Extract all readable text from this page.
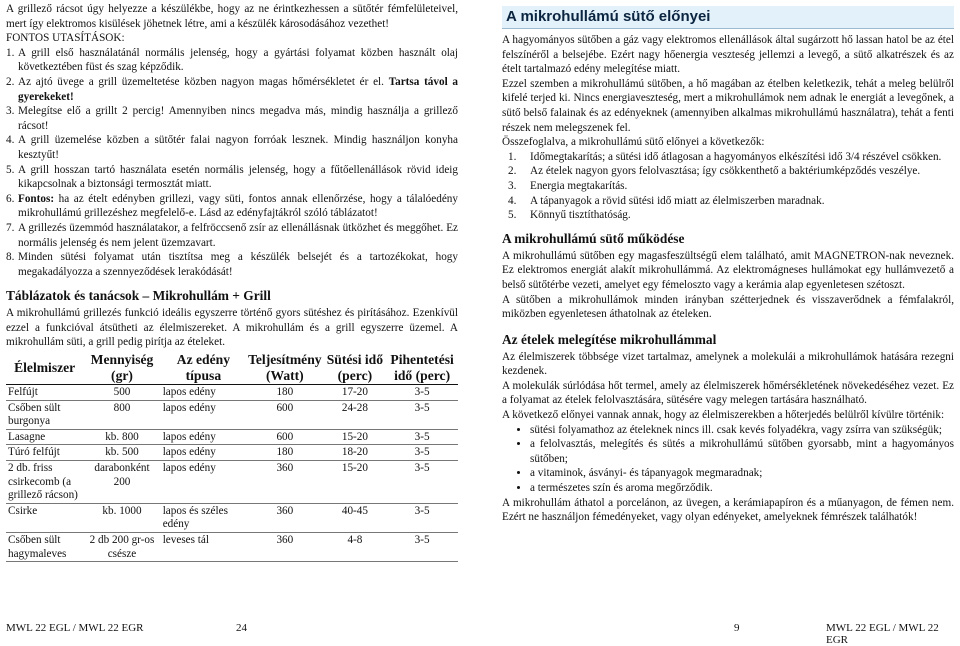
A grillező rácsot úgy helyezze a készülékbe, hogy az ne érintkezhessen a sütőtér fémfelületeivel, mert így elektromos kisülések jöhetnek létre, ami a készülék károsodásához vezethet!

FONTOS UTASÍTÁSOK:

1. A grill első használatánál normális jelenség, hogy a gyártási folyamat közben használt olaj következtében füst és szag képződik.
2. Az ajtó üvege a grill üzemeltetése közben nagyon magas hőmérsékletet ér el. Tartsa távol a gyerekeket!
3. Melegítse elő a grillt 2 percig! Amennyiben nincs megadva más, mindig használja a grillező rácsot!
4. A grill üzemelése közben a sütőtér falai nagyon forróak lesznek. Mindig használjon konyha kesztyűt!
5. A grill hosszan tartó használata esetén normális jelenség, hogy a fűtőellenállások rövid ideig kikapcsolnak a biztonsági termosztát miatt.
6. Fontos: ha az ételt edényben grillezi, vagy süti, fontos annak ellenőrzése, hogy a tálalóedény mikrohullámú grillezéshez megfelelő-e. Lásd az edényfajtákról szóló táblázatot!
7. A grillezés üzemmód használatakor, a felfröccsenő zsír az ellenállásnak ütközhet és meggőhet. Ez normális jelenség és nem jelent üzemzavart.
8. Minden sütési folyamat után tisztítsa meg a készülék belsejét és a tartozékokat, hogy megakadályozza a szennyeződések lerakódását!
Táblázatok és tanácsok – Mikrohullám + Grill

A mikrohullámú grillezés funkció ideális egyszerre történő gyors sütéshez és pirításához. Ezenkívül ezzel a funkcióval átsütheti az élelmiszereket. A mikrohullám és a grill egyszerre üzemel. A mikrohullám süti, a grill pedig pirítja az ételeket.

Élelmiszer	Mennyiség (gr)	Az edény típusa	Teljesítmény (Watt)	Sütési idő (perc)	Pihentetési idő (perc)
Felfújt	500	lapos edény	180	17-20	3-5
Csőben sült burgonya	800	lapos edény	600	24-28	3-5
Lasagne	kb. 800	lapos edény	600	15-20	3-5
Túró felfújt	kb. 500	lapos edény	180	18-20	3-5
2 db. friss csirkecomb (a grillező rácson)	darabonként 200	lapos edény	360	15-20	3-5
Csirke	kb. 1000	lapos és széles edény	360	40-45	3-5
Csőben sült hagymaleves	2 db 200 gr-os csésze	leveses tál	360	4-8	3-5
A mikrohullámú sütő előnyei

A hagyományos sütőben a gáz vagy elektromos ellenállások által sugárzott hő lassan hatol be az étel felszínéről a belsejébe. Ezért nagy hőenergia veszteség jellemzi a levegő, a sütő alkatrészek és az ételt tartalmazó edény melegítése miatt.

Ezzel szemben a mikrohullámú sütőben, a hő magában az ételben keletkezik, tehát a meleg belülről kifelé terjed ki. Nincs energiaveszteség, mert a mikrohullámok nem adnak le energiát a levegőnek, a sütő belső falainak és az edényeknek (amennyiben alkalmas mikrohullámú használatra), tehát a fenti részek nem melegszenek fel.

Összefoglalva, a mikrohullámú sütő előnyei a következők:

1.	Időmegtakarítás; a sütési idő átlagosan a hagyományos elkészítési idő 3/4 részével csökken.
2.	Az ételek nagyon gyors felolvasztása; így csökkenthető a baktériumképződés veszélye.
3.	Energia megtakarítás.
4.	A tápanyagok a rövid sütési idő miatt az élelmiszerben maradnak.
5.	Könnyű tisztíthatóság.
A mikrohullámú sütő működése

A mikrohullámú sütőben egy magasfeszültségű elem található, amit MAGNETRON-nak neveznek. Ez elektromos energiát alakít mikrohullámmá. Az elektromágneses hullámokat egy hullámvezető a belső sütőtérbe vezeti, amelyet egy fémeloszto vagy a kerámia alap egyenletesen szétoszt.

A sütőben a mikrohullámok minden irányban szétterjednek és visszaverődnek a fémfalakról, miközben egyenletesen áthatolnak az ételeken.

Az ételek melegítése mikrohullámmal

Az élelmiszerek többsége vizet tartalmaz, amelynek a molekulái a mikrohullámok hatására rezegni kezdenek.

A molekulák súrlódása hőt termel, amely az élelmiszerek hőmérsékletének növekedéséhez vezet. Ez a folyamat az ételek felolvasztására, sütésére vagy melegen tartására használható.

A következő előnyei vannak annak, hogy az élelmiszerekben a hőterjedés belülről kívülre történik:

• sütési folyamathoz az ételeknek nincs ill. csak kevés folyadékra, vagy zsírra van szükségük;
• a felolvasztás, melegítés és sütés a mikrohullámú sütőben gyorsabb, mint a hagyományos sütőben;
• a vitaminok, ásványi- és tápanyagok megmaradnak;
• a természetes szín és aroma megőrződik.

A mikrohullám áthatol a porcelánon, az üvegen, a kerámiapapíron és a műanyagon, de fémen nem. Ezért ne használjon fémedényeket, vagy olyan edényeket, amelyeknek fémrészek találhatók!

MWL 22 EGL / MWL 22 EGR	24	9	MWL 22 EGL / MWL 22 EGR
